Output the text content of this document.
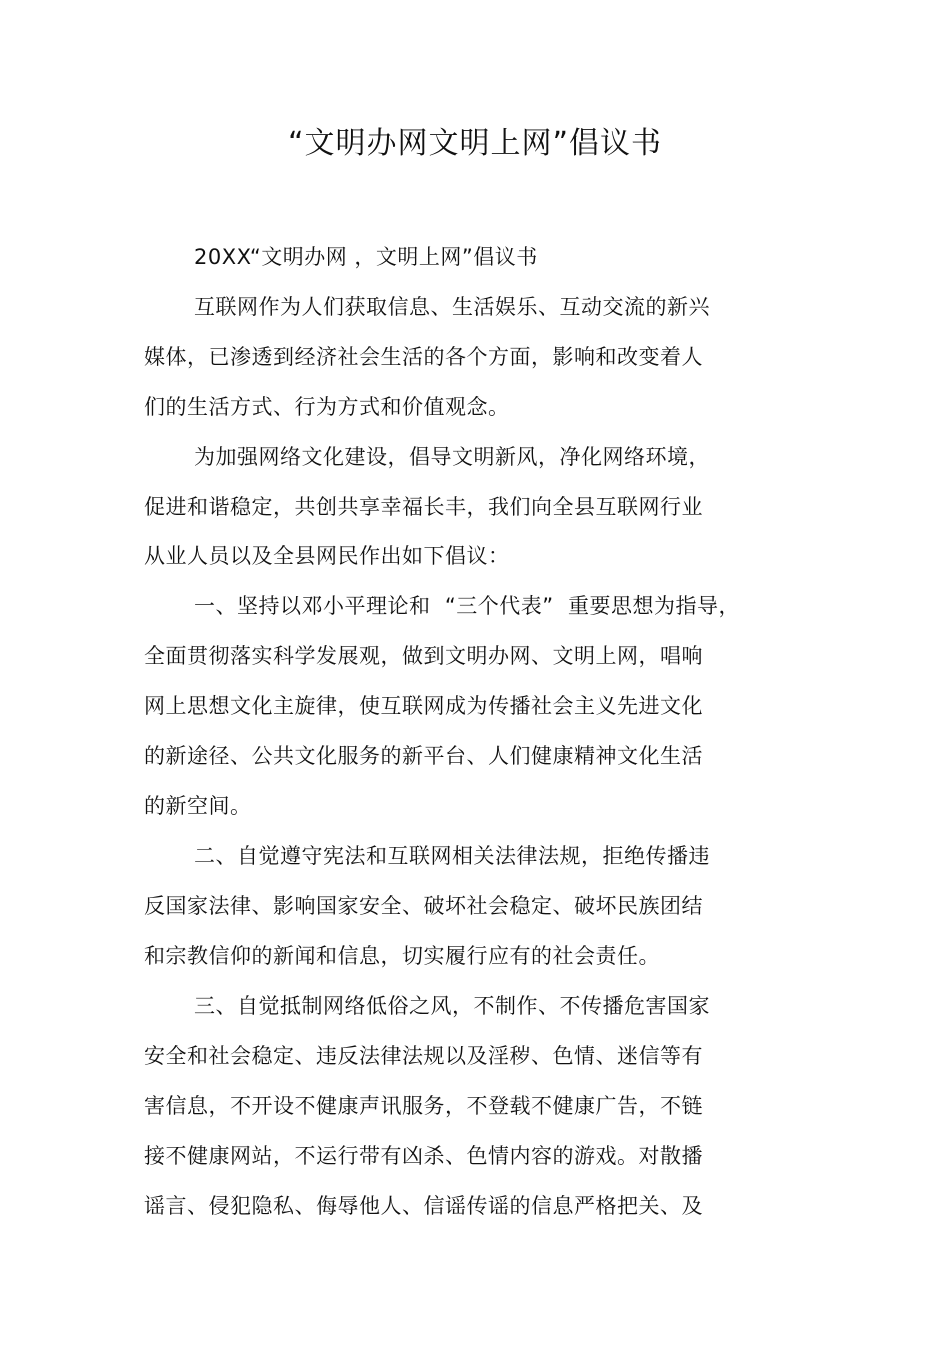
“文明办网文明上网”倡议书
20XX“文明办网 ，文明上网”倡议书
互联网作为人们获取信息、生活娱乐、互动交流的新兴
媒体，已渗透到经济社会生活的各个方面，影响和改变着人
们的生活方式、行为方式和价值观念。
为加强网络文化建设，倡导文明新风，净化网络环境，
促进和谐稳定，共创共享幸福长丰，我们向全县互联网行业
从业人员以及全县网民作出如下倡议：
一、坚持以邓小平理论和  “三个代表”  重要思想为指导，
全面贯彻落实科学发展观，做到文明办网、文明上网，唱响
网上思想文化主旋律，使互联网成为传播社会主义先进文化
的新途径、公共文化服务的新平台、人们健康精神文化生活
的新空间。
二、自觉遵守宪法和互联网相关法律法规，拒绝传播违
反国家法律、影响国家安全、破坏社会稳定、破坏民族团结
和宗教信仰的新闻和信息，切实履行应有的社会责任。
三、自觉抵制网络低俗之风，不制作、不传播危害国家
安全和社会稳定、违反法律法规以及淫秽、色情、迷信等有
害信息，不开设不健康声讯服务，不登载不健康广告，不链
接不健康网站，不运行带有凶杀、色情内容的游戏。对散播
谣言、侵犯隐私、侮辱他人、信谣传谣的信息严格把关、及
